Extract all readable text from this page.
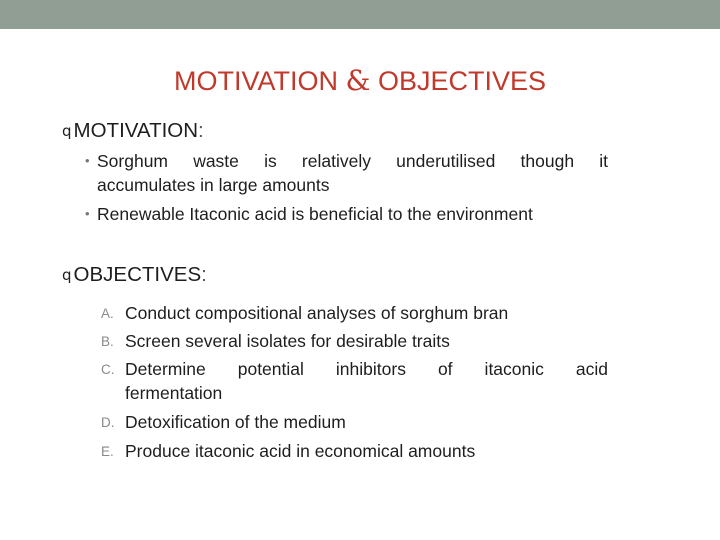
MOTIVATION & OBJECTIVES
qMOTIVATION:
• Sorghum waste is relatively underutilised though it
accumulates in large amounts
• Renewable Itaconic acid is beneficial to the environment
qOBJECTIVES:
A. Conduct compositional analyses of sorghum bran
B. Screen several isolates for desirable traits
C. Determine potential inhibitors of itaconic acid
fermentation
D. Detoxification of the medium
E. Produce itaconic acid in economical amounts
